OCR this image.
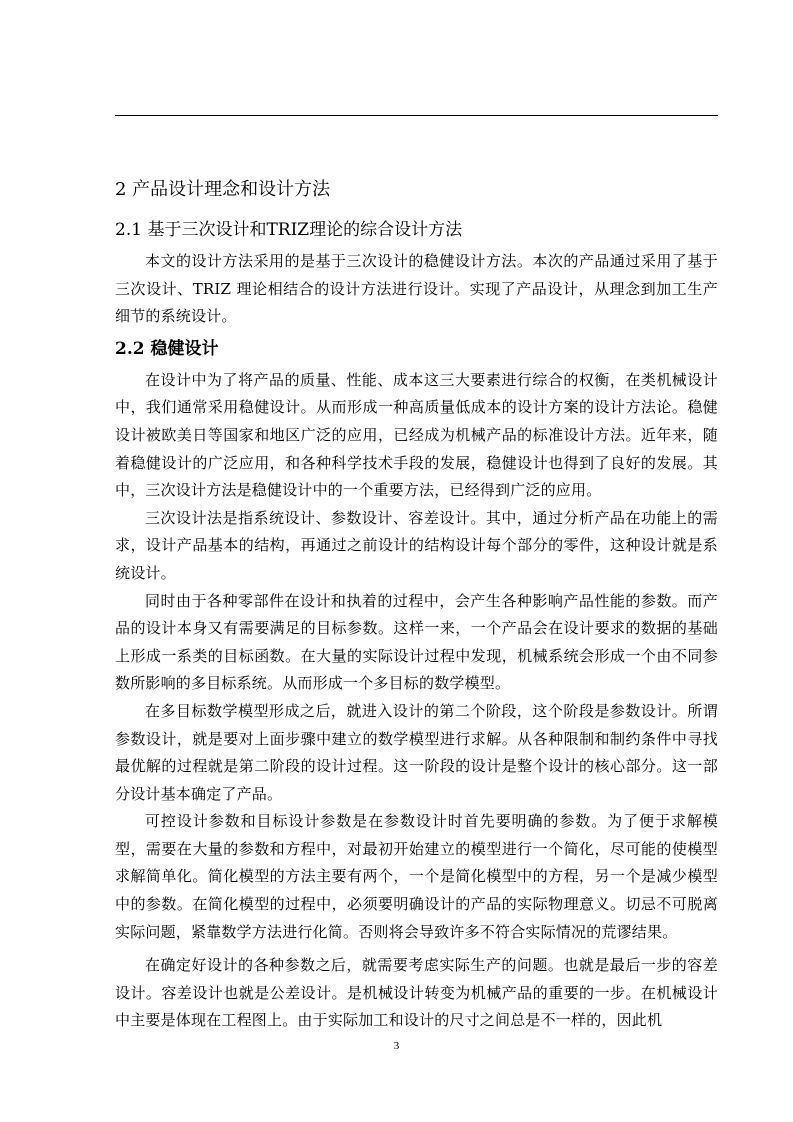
2 产品设计理念和设计方法
2.1 基于三次设计和TRIZ理论的综合设计方法

本文的设计方法采用的是基于三次设计的稳健设计方法。本次的产品通过采用了基于三次设计、TRIZ 理论相结合的设计方法进行设计。实现了产品设计，从理念到加工生产细节的系统设计。

2.2 稳健设计

在设计中为了将产品的质量、性能、成本这三大要素进行综合的权衡，在类机械设计中，我们通常采用稳健设计。从而形成一种高质量低成本的设计方案的设计方法论。稳健设计被欧美日等国家和地区广泛的应用，已经成为机械产品的标准设计方法。近年来，随着稳健设计的广泛应用，和各种科学技术手段的发展，稳健设计也得到了良好的发展。其中，三次设计方法是稳健设计中的一个重要方法，已经得到广泛的应用。

三次设计法是指系统设计、参数设计、容差设计。其中，通过分析产品在功能上的需求，设计产品基本的结构，再通过之前设计的结构设计每个部分的零件，这种设计就是系统设计。

同时由于各种零部件在设计和执着的过程中，会产生各种影响产品性能的参数。而产品的设计本身又有需要满足的目标参数。这样一来，一个产品会在设计要求的数据的基础上形成一系类的目标函数。在大量的实际设计过程中发现，机械系统会形成一个由不同参数所影响的多目标系统。从而形成一个多目标的数学模型。

在多目标数学模型形成之后，就进入设计的第二个阶段，这个阶段是参数设计。所谓参数设计，就是要对上面步骤中建立的数学模型进行求解。从各种限制和制约条件中寻找最优解的过程就是第二阶段的设计过程。这一阶段的设计是整个设计的核心部分。这一部分设计基本确定了产品。

可控设计参数和目标设计参数是在参数设计时首先要明确的参数。为了便于求解模型，需要在大量的参数和方程中，对最初开始建立的模型进行一个简化，尽可能的使模型求解简单化。简化模型的方法主要有两个，一个是简化模型中的方程，另一个是减少模型中的参数。在简化模型的过程中，必须要明确设计的产品的实际物理意义。切忌不可脱离实际问题，紧靠数学方法进行化简。否则将会导致许多不符合实际情况的荒谬结果。

在确定好设计的各种参数之后，就需要考虑实际生产的问题。也就是最后一步的容差设计。容差设计也就是公差设计。是机械设计转变为机械产品的重要的一步。在机械设计中主要是体现在工程图上。由于实际加工和设计的尺寸之间总是不一样的，因此机

3
